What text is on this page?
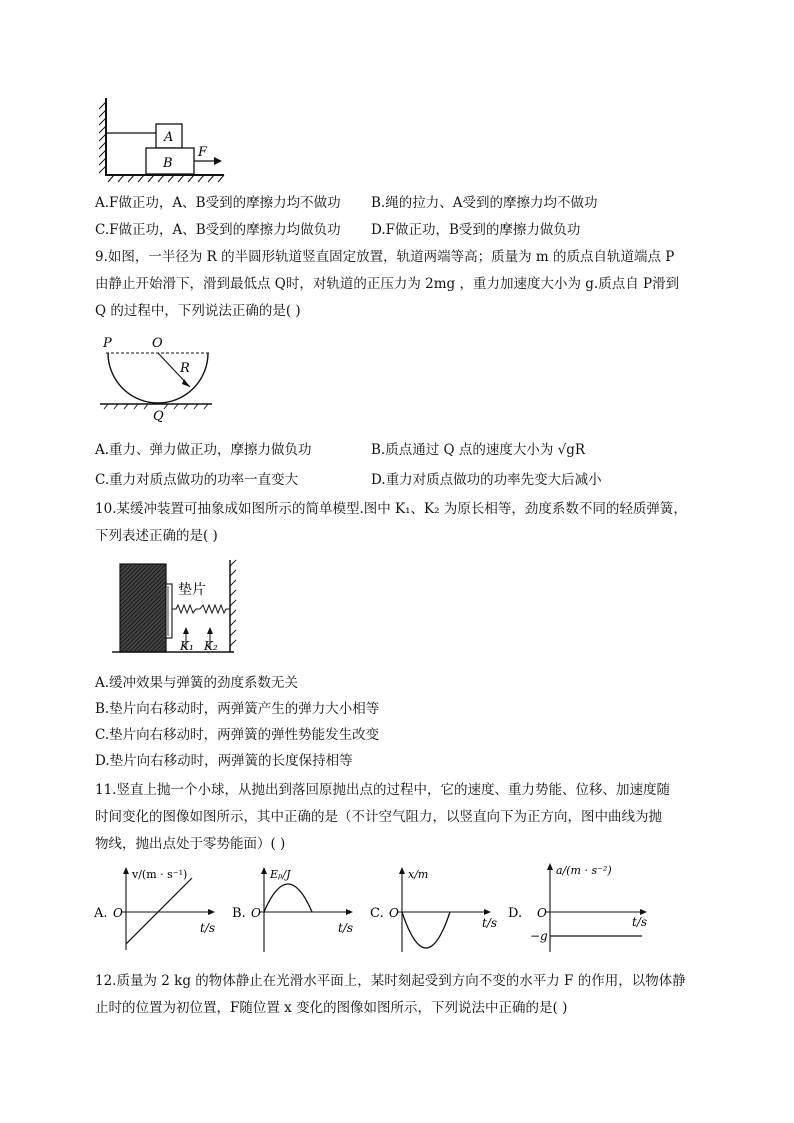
A
B
F
A.F做正功，A、B受到的摩擦力均不做功 B.绳的拉力、A受到的摩擦力均不做功
C.F做正功，A、B受到的摩擦力均做负功 D.F做正功，B受到的摩擦力做负功
9.如图，一半径为 R 的半圆形轨道竖直固定放置，轨道两端等高；质量为 m 的质点自轨道端点 P
由静止开始滑下，滑到最低点 Q时，对轨道的正压力为 2mg ，重力加速度大小为 g.质点自 P滑到
Q 的过程中，下列说法正确的是( )
P	O
R
Q
A.重力、弹力做正功，摩擦力做负功	B.质点通过 Q 点的速度大小为 √gR
C.重力对质点做功的功率一直变大	D.重力对质点做功的功率先变大后减小
10.某缓冲装置可抽象成如图所示的简单模型.图中 K₁、K₂ 为原长相等，劲度系数不同的轻质弹簧，
下列表述正确的是( )
垫片
K₁ K₂
A.缓冲效果与弹簧的劲度系数无关
B.垫片向右移动时，两弹簧产生的弹力大小相等
C.垫片向右移动时，两弹簧的弹性势能发生改变
D.垫片向右移动时，两弹簧的长度保持相等
11.竖直上抛一个小球，从抛出到落回原抛出点的过程中，它的速度、重力势能、位移、加速度随
时间变化的图像如图所示，其中正确的是（不计空气阻力，以竖直向下为正方向，图中曲线为抛
物线，抛出点处于零势能面）( )
A.
v/(m · s⁻¹)
O
t/s
B.
Eₚ/J
O
t/s
C.
x/m
O
t/s
D.
a/(m · s⁻²)
O
t/s
−g
12.质量为 2 kg 的物体静止在光滑水平面上，某时刻起受到方向不变的水平力 F 的作用，以物体静
止时的位置为初位置，F随位置 x 变化的图像如图所示，下列说法中正确的是( )
